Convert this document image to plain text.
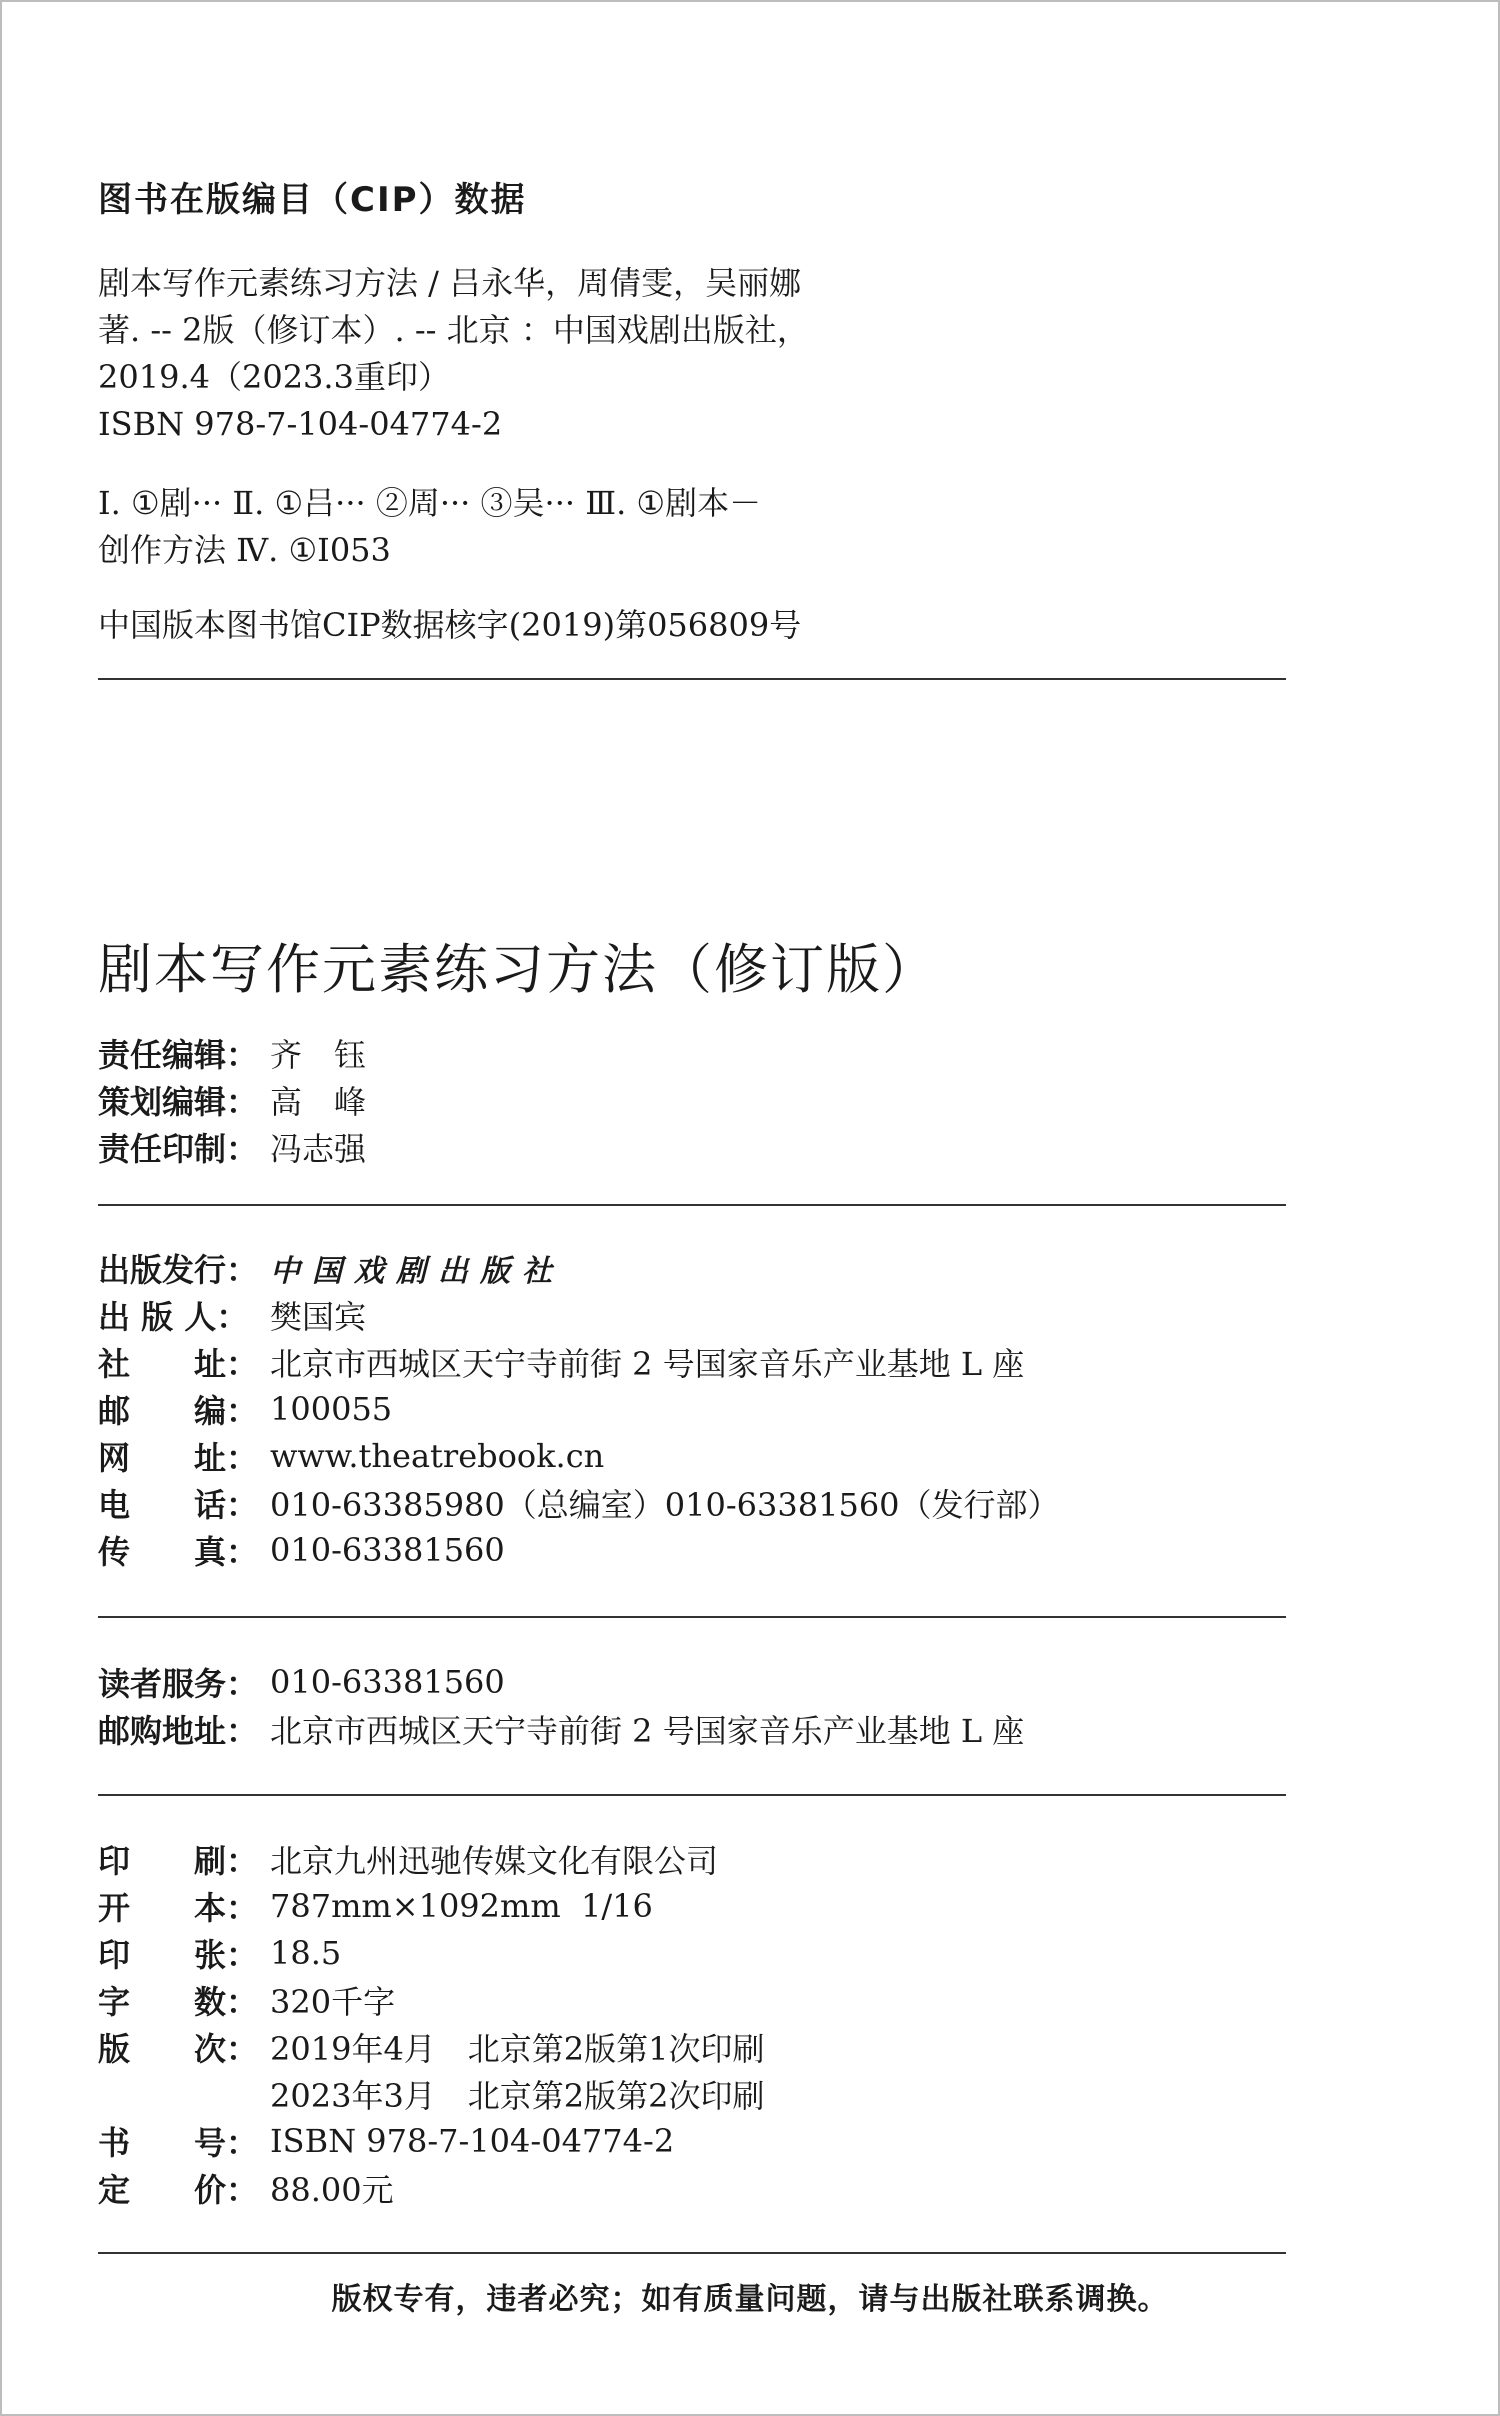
图书在版编目（CIP）数据
剧本写作元素练习方法 / 吕永华，周倩雯，吴丽娜
著. -- 2版（修订本）. -- 北京 ：中国戏剧出版社，
2019.4（2023.3重印）
ISBN 978-7-104-04774-2
Ⅰ. ①剧··· Ⅱ. ①吕··· ②周··· ③吴··· Ⅲ. ①剧本－
创作方法 Ⅳ. ①I053
中国版本图书馆CIP数据核字(2019)第056809号
剧本写作元素练习方法（修订版）
责任编辑： 齐　钰
策划编辑： 高　峰
责任印制： 冯志强
出版发行： 中国戏剧出版社
出 版 人： 樊国宾
社　　址： 北京市西城区天宁寺前街 2 号国家音乐产业基地 L 座
邮　　编： 100055
网　　址： www.theatrebook.cn
电　　话： 010-63385980（总编室）010-63381560（发行部）
传　　真： 010-63381560
读者服务： 010-63381560
邮购地址： 北京市西城区天宁寺前街 2 号国家音乐产业基地 L 座
印　　刷： 北京九州迅驰传媒文化有限公司
开　　本： 787mm×1092mm  1/16
印　　张： 18.5
字　　数： 320千字
版　　次： 2019年4月　北京第2版第1次印刷
2023年3月　北京第2版第2次印刷
书　　号： ISBN 978-7-104-04774-2
定　　价： 88.00元
版权专有，违者必究；如有质量问题，请与出版社联系调换。
